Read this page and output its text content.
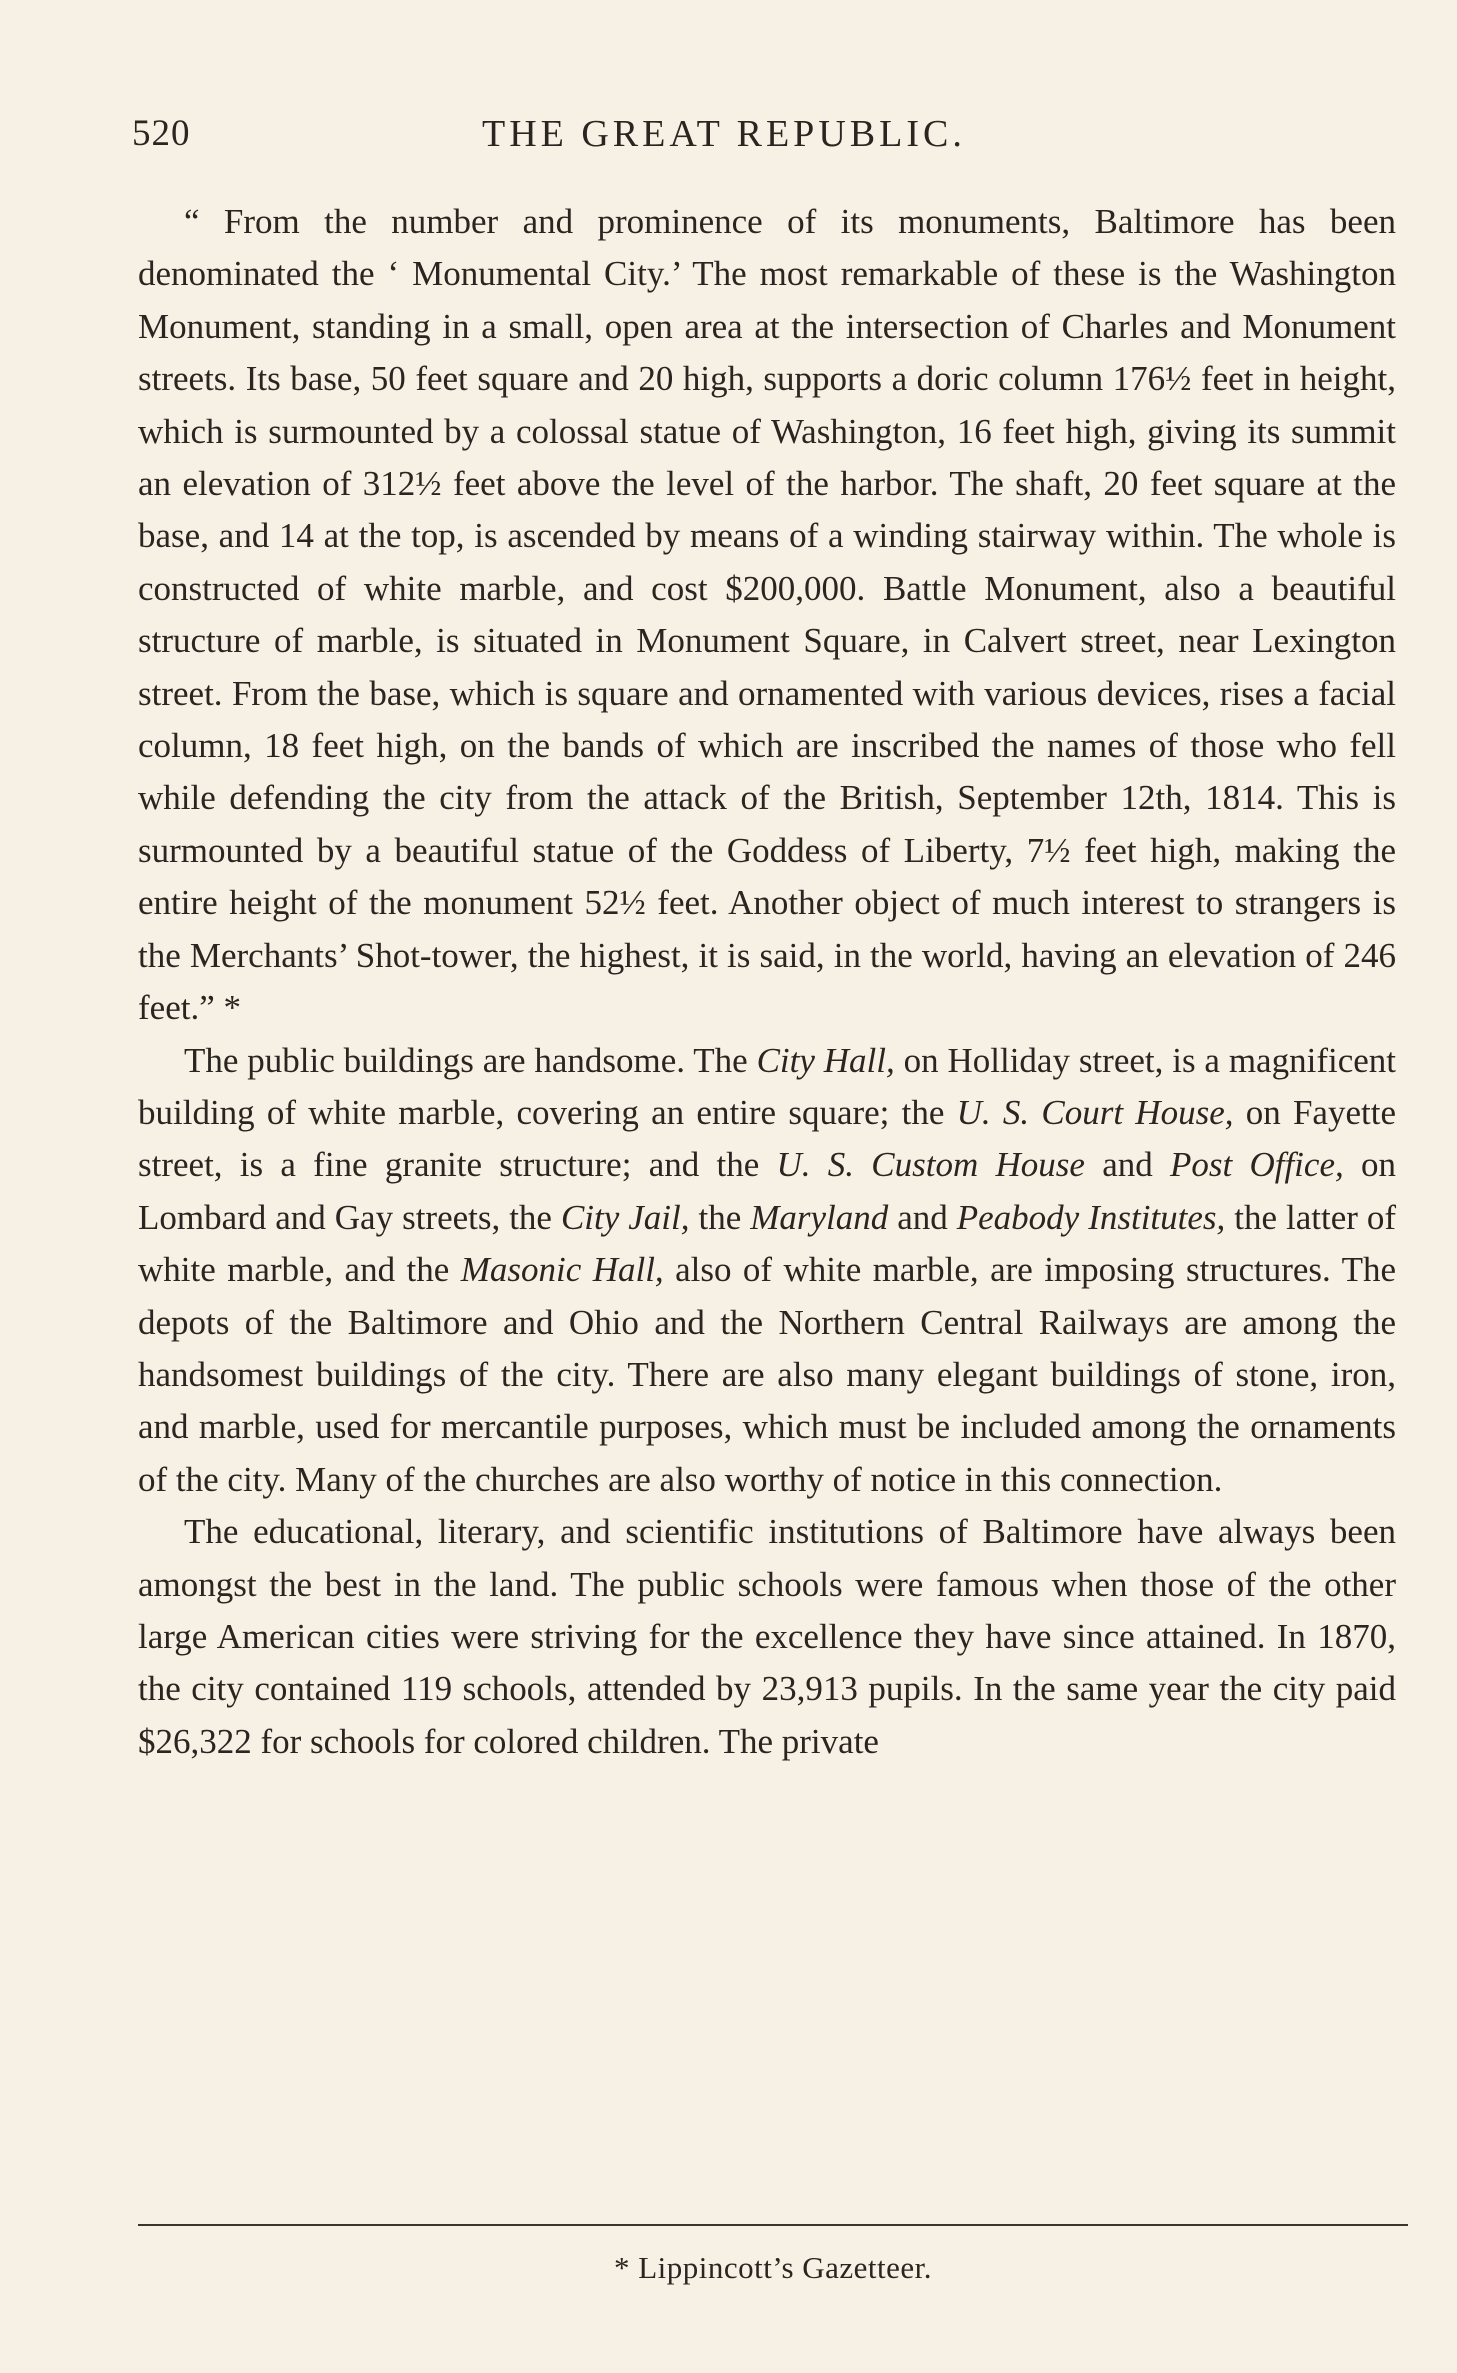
520	THE GREAT REPUBLIC.

“ From the number and prominence of its monuments, Baltimore has been denominated the ‘ Monumental City.’ The most remarkable of these is the Washington Monument, standing in a small, open area at the intersection of Charles and Monument streets. Its base, 50 feet square and 20 high, supports a doric column 176½ feet in height, which is surmounted by a colossal statue of Washington, 16 feet high, giving its summit an elevation of 312½ feet above the level of the harbor. The shaft, 20 feet square at the base, and 14 at the top, is ascended by means of a winding stairway within. The whole is constructed of white marble, and cost $200,000. Battle Monument, also a beautiful structure of marble, is situated in Monument Square, in Calvert street, near Lexington street. From the base, which is square and ornamented with various devices, rises a facial column, 18 feet high, on the bands of which are inscribed the names of those who fell while defending the city from the attack of the British, September 12th, 1814. This is surmounted by a beautiful statue of the Goddess of Liberty, 7½ feet high, making the entire height of the monument 52½ feet. Another object of much interest to strangers is the Merchants’ Shot-tower, the highest, it is said, in the world, having an elevation of 246 feet.” *

The public buildings are handsome. The City Hall, on Holliday street, is a magnificent building of white marble, covering an entire square; the U. S. Court House, on Fayette street, is a fine granite structure; and the U. S. Custom House and Post Office, on Lombard and Gay streets, the City Jail, the Maryland and Peabody Institutes, the latter of white marble, and the Masonic Hall, also of white marble, are imposing structures. The depots of the Baltimore and Ohio and the Northern Central Railways are among the handsomest buildings of the city. There are also many elegant buildings of stone, iron, and marble, used for mercantile purposes, which must be included among the ornaments of the city. Many of the churches are also worthy of notice in this connection.

The educational, literary, and scientific institutions of Baltimore have always been amongst the best in the land. The public schools were famous when those of the other large American cities were striving for the excellence they have since attained. In 1870, the city contained 119 schools, attended by 23,913 pupils. In the same year the city paid $26,322 for schools for colored children. The private

* Lippincott’s Gazetteer.
